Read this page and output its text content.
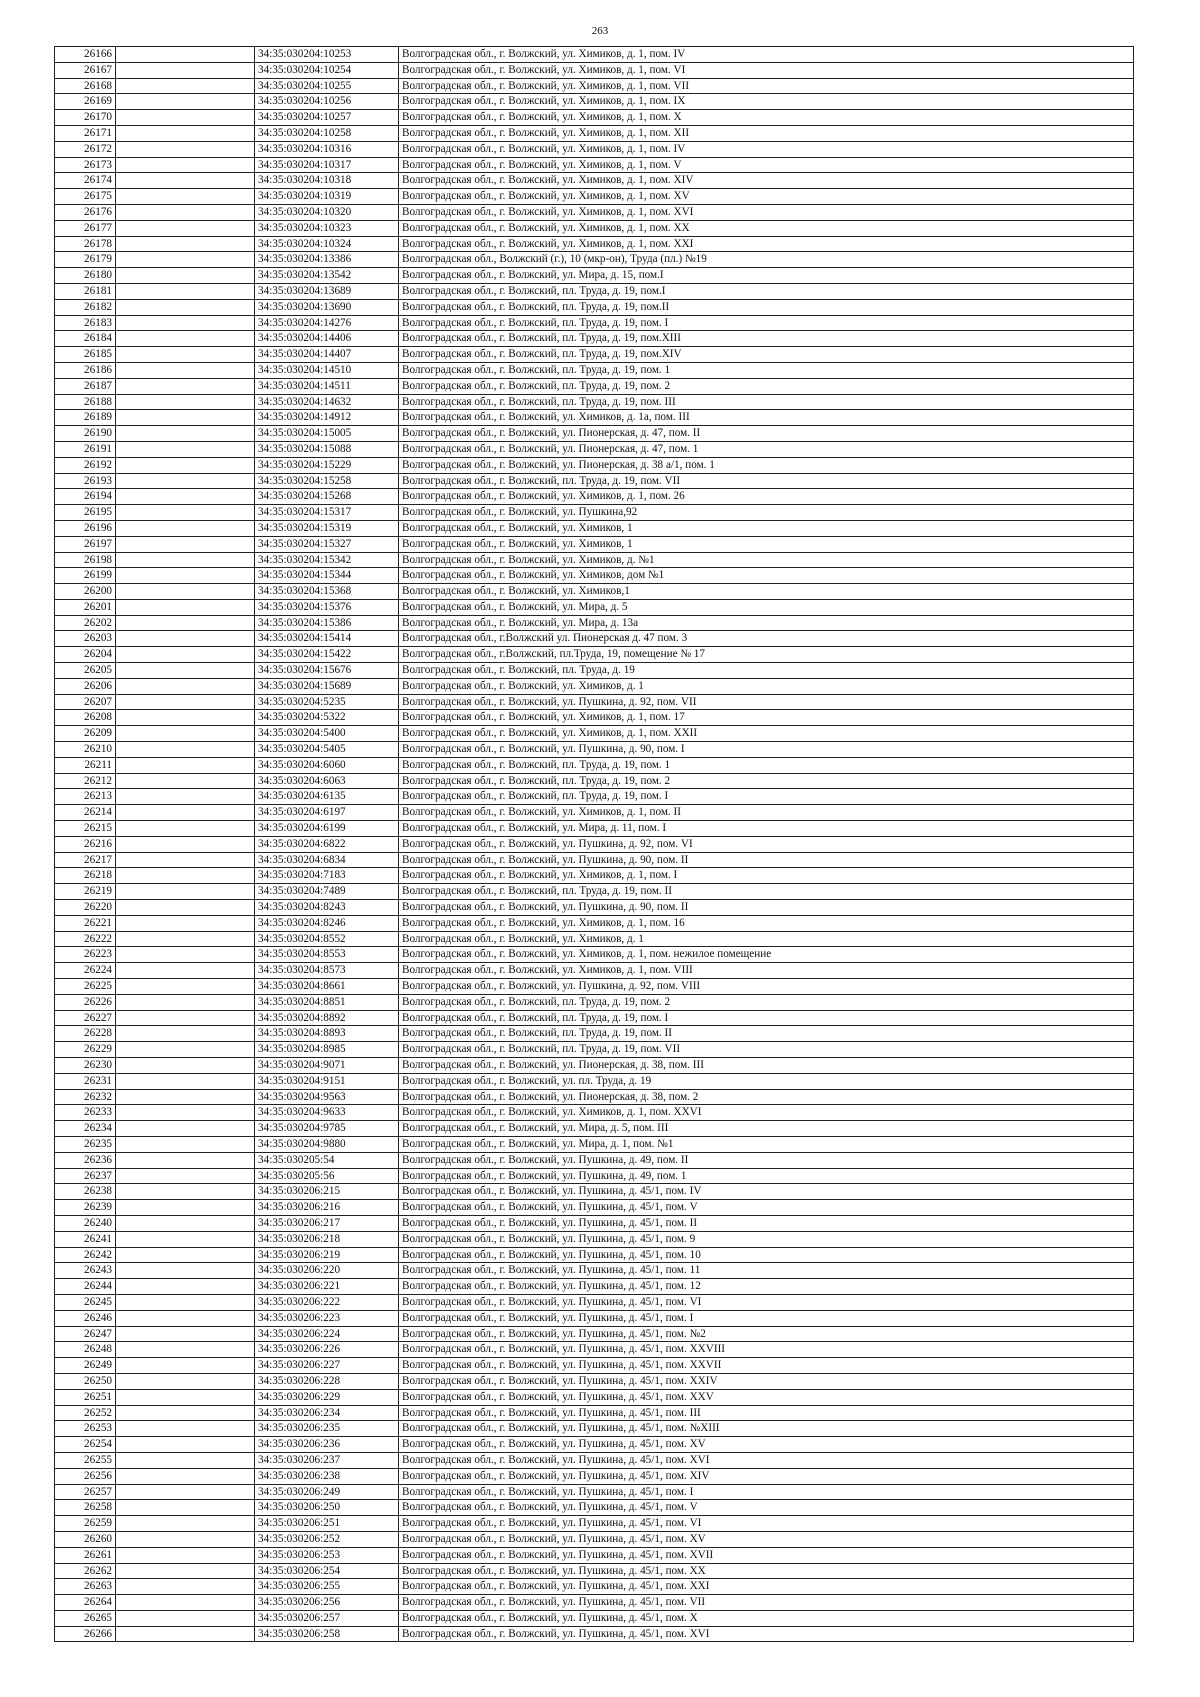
263
26166		34:35:030204:10253	Волгоградская обл., г. Волжский, ул. Химиков, д. 1, пом. IV
26167		34:35:030204:10254	Волгоградская обл., г. Волжский, ул. Химиков, д. 1, пом. VI
26168		34:35:030204:10255	Волгоградская обл., г. Волжский, ул. Химиков, д. 1, пом. VII
26169		34:35:030204:10256	Волгоградская обл., г. Волжский, ул. Химиков, д. 1, пом. IX
26170		34:35:030204:10257	Волгоградская обл., г. Волжский, ул. Химиков, д. 1, пом. X
26171		34:35:030204:10258	Волгоградская обл., г. Волжский, ул. Химиков, д. 1, пом. XII
26172		34:35:030204:10316	Волгоградская обл., г. Волжский, ул. Химиков, д. 1, пом. IV
26173		34:35:030204:10317	Волгоградская обл., г. Волжский, ул. Химиков, д. 1, пом. V
26174		34:35:030204:10318	Волгоградская обл., г. Волжский, ул. Химиков, д. 1, пом. XIV
26175		34:35:030204:10319	Волгоградская обл., г. Волжский, ул. Химиков, д. 1, пом. XV
26176		34:35:030204:10320	Волгоградская обл., г. Волжский, ул. Химиков, д. 1, пом. XVI
26177		34:35:030204:10323	Волгоградская обл., г. Волжский, ул. Химиков, д. 1, пом. XX
26178		34:35:030204:10324	Волгоградская обл., г. Волжский, ул. Химиков, д. 1, пом. XXI
26179		34:35:030204:13386	Волгоградская обл., Волжский (г.), 10 (мкр-он), Труда (пл.) №19
26180		34:35:030204:13542	Волгоградская обл., г. Волжский, ул. Мира, д. 15, пом.I
26181		34:35:030204:13689	Волгоградская обл., г. Волжский, пл. Труда, д. 19, пом.I
26182		34:35:030204:13690	Волгоградская обл., г. Волжский, пл. Труда, д. 19, пом.II
26183		34:35:030204:14276	Волгоградская обл., г. Волжский, пл. Труда, д. 19, пом. I
26184		34:35:030204:14406	Волгоградская обл., г. Волжский, пл. Труда, д. 19, пом.XIII
26185		34:35:030204:14407	Волгоградская обл., г. Волжский, пл. Труда, д. 19, пом.XIV
26186		34:35:030204:14510	Волгоградская обл., г. Волжский, пл. Труда, д. 19, пом. 1
26187		34:35:030204:14511	Волгоградская обл., г. Волжский, пл. Труда, д. 19, пом. 2
26188		34:35:030204:14632	Волгоградская обл., г. Волжский, пл. Труда, д. 19, пом. III
26189		34:35:030204:14912	Волгоградская обл., г. Волжский, ул. Химиков, д. 1а, пом. III
26190		34:35:030204:15005	Волгоградская обл., г. Волжский, ул. Пионерская, д. 47, пом. II
26191		34:35:030204:15088	Волгоградская обл., г. Волжский, ул. Пионерская, д. 47, пом. 1
26192		34:35:030204:15229	Волгоградская обл., г. Волжский, ул. Пионерская, д. 38 а/1, пом. 1
26193		34:35:030204:15258	Волгоградская обл., г. Волжский, пл. Труда, д. 19, пом. VII
26194		34:35:030204:15268	Волгоградская обл., г. Волжский, ул. Химиков, д. 1, пом. 26
26195		34:35:030204:15317	Волгоградская обл., г. Волжский, ул. Пушкина,92
26196		34:35:030204:15319	Волгоградская обл., г. Волжский, ул. Химиков, 1
26197		34:35:030204:15327	Волгоградская обл., г. Волжский, ул. Химиков, 1
26198		34:35:030204:15342	Волгоградская обл., г. Волжский, ул. Химиков, д. №1
26199		34:35:030204:15344	Волгоградская обл., г. Волжский, ул. Химиков, дом №1
26200		34:35:030204:15368	Волгоградская обл., г. Волжский, ул. Химиков,1
26201		34:35:030204:15376	Волгоградская обл., г. Волжский, ул. Мира, д. 5
26202		34:35:030204:15386	Волгоградская обл., г. Волжский, ул. Мира, д. 13а
26203		34:35:030204:15414	Волгоградская обл., г.Волжский ул. Пионерская д. 47 пом. 3
26204		34:35:030204:15422	Волгоградская обл., г.Волжский, пл.Труда, 19, помещение № 17
26205		34:35:030204:15676	Волгоградская обл., г. Волжский, пл. Труда, д. 19
26206		34:35:030204:15689	Волгоградская обл., г. Волжский, ул. Химиков, д. 1
26207		34:35:030204:5235	Волгоградская обл., г. Волжский, ул. Пушкина, д. 92, пом. VII
26208		34:35:030204:5322	Волгоградская обл., г. Волжский, ул. Химиков, д. 1, пом. 17
26209		34:35:030204:5400	Волгоградская обл., г. Волжский, ул. Химиков, д. 1, пом. XXII
26210		34:35:030204:5405	Волгоградская обл., г. Волжский, ул. Пушкина, д. 90, пом. I
26211		34:35:030204:6060	Волгоградская обл., г. Волжский, пл. Труда, д. 19, пом. 1
26212		34:35:030204:6063	Волгоградская обл., г. Волжский, пл. Труда, д. 19, пом. 2
26213		34:35:030204:6135	Волгоградская обл., г. Волжский, пл. Труда, д. 19, пом. I
26214		34:35:030204:6197	Волгоградская обл., г. Волжский, ул. Химиков, д. 1, пом. II
26215		34:35:030204:6199	Волгоградская обл., г. Волжский, ул. Мира, д. 11, пом. I
26216		34:35:030204:6822	Волгоградская обл., г. Волжский, ул. Пушкина, д. 92, пом. VI
26217		34:35:030204:6834	Волгоградская обл., г. Волжский, ул. Пушкина, д. 90, пом. II
26218		34:35:030204:7183	Волгоградская обл., г. Волжский, ул. Химиков, д. 1, пом. I
26219		34:35:030204:7489	Волгоградская обл., г. Волжский, пл. Труда, д. 19, пом. II
26220		34:35:030204:8243	Волгоградская обл., г. Волжский, ул. Пушкина, д. 90, пом. II
26221		34:35:030204:8246	Волгоградская обл., г. Волжский, ул. Химиков, д. 1, пом. 16
26222		34:35:030204:8552	Волгоградская обл., г. Волжский, ул. Химиков, д. 1
26223		34:35:030204:8553	Волгоградская обл., г. Волжский, ул. Химиков, д. 1, пом. нежилое помещение
26224		34:35:030204:8573	Волгоградская обл., г. Волжский, ул. Химиков, д. 1, пом. VIII
26225		34:35:030204:8661	Волгоградская обл., г. Волжский, ул. Пушкина, д. 92, пом. VIII
26226		34:35:030204:8851	Волгоградская обл., г. Волжский, пл. Труда, д. 19, пом. 2
26227		34:35:030204:8892	Волгоградская обл., г. Волжский, пл. Труда, д. 19, пом. I
26228		34:35:030204:8893	Волгоградская обл., г. Волжский, пл. Труда, д. 19, пом. II
26229		34:35:030204:8985	Волгоградская обл., г. Волжский, пл. Труда, д. 19, пом. VII
26230		34:35:030204:9071	Волгоградская обл., г. Волжский, ул. Пионерская, д. 38, пом. III
26231		34:35:030204:9151	Волгоградская обл., г. Волжский, ул. пл. Труда, д. 19
26232		34:35:030204:9563	Волгоградская обл., г. Волжский, ул. Пионерская, д. 38, пом. 2
26233		34:35:030204:9633	Волгоградская обл., г. Волжский, ул. Химиков, д. 1, пом. XXVI
26234		34:35:030204:9785	Волгоградская обл., г. Волжский, ул. Мира, д. 5, пом. III
26235		34:35:030204:9880	Волгоградская обл., г. Волжский, ул. Мира, д. 1, пом. №1
26236		34:35:030205:54	Волгоградская обл., г. Волжский, ул. Пушкина, д. 49, пом. II
26237		34:35:030205:56	Волгоградская обл., г. Волжский, ул. Пушкина, д. 49, пом. 1
26238		34:35:030206:215	Волгоградская обл., г. Волжский, ул. Пушкина, д. 45/1, пом. IV
26239		34:35:030206:216	Волгоградская обл., г. Волжский, ул. Пушкина, д. 45/1, пом. V
26240		34:35:030206:217	Волгоградская обл., г. Волжский, ул. Пушкина, д. 45/1, пом. II
26241		34:35:030206:218	Волгоградская обл., г. Волжский, ул. Пушкина, д. 45/1, пом. 9
26242		34:35:030206:219	Волгоградская обл., г. Волжский, ул. Пушкина, д. 45/1, пом. 10
26243		34:35:030206:220	Волгоградская обл., г. Волжский, ул. Пушкина, д. 45/1, пом. 11
26244		34:35:030206:221	Волгоградская обл., г. Волжский, ул. Пушкина, д. 45/1, пом. 12
26245		34:35:030206:222	Волгоградская обл., г. Волжский, ул. Пушкина, д. 45/1, пом. VI
26246		34:35:030206:223	Волгоградская обл., г. Волжский, ул. Пушкина, д. 45/1, пом. I
26247		34:35:030206:224	Волгоградская обл., г. Волжский, ул. Пушкина, д. 45/1, пом. №2
26248		34:35:030206:226	Волгоградская обл., г. Волжский, ул. Пушкина, д. 45/1, пом. XXVIII
26249		34:35:030206:227	Волгоградская обл., г. Волжский, ул. Пушкина, д. 45/1, пом. XXVII
26250		34:35:030206:228	Волгоградская обл., г. Волжский, ул. Пушкина, д. 45/1, пом. XXIV
26251		34:35:030206:229	Волгоградская обл., г. Волжский, ул. Пушкина, д. 45/1, пом. XXV
26252		34:35:030206:234	Волгоградская обл., г. Волжский, ул. Пушкина, д. 45/1, пом. III
26253		34:35:030206:235	Волгоградская обл., г. Волжский, ул. Пушкина, д. 45/1, пом. №XIII
26254		34:35:030206:236	Волгоградская обл., г. Волжский, ул. Пушкина, д. 45/1, пом. XV
26255		34:35:030206:237	Волгоградская обл., г. Волжский, ул. Пушкина, д. 45/1, пом. XVI
26256		34:35:030206:238	Волгоградская обл., г. Волжский, ул. Пушкина, д. 45/1, пом. XIV
26257		34:35:030206:249	Волгоградская обл., г. Волжский, ул. Пушкина, д. 45/1, пом. I
26258		34:35:030206:250	Волгоградская обл., г. Волжский, ул. Пушкина, д. 45/1, пом. V
26259		34:35:030206:251	Волгоградская обл., г. Волжский, ул. Пушкина, д. 45/1, пом. VI
26260		34:35:030206:252	Волгоградская обл., г. Волжский, ул. Пушкина, д. 45/1, пом. XV
26261		34:35:030206:253	Волгоградская обл., г. Волжский, ул. Пушкина, д. 45/1, пом. XVII
26262		34:35:030206:254	Волгоградская обл., г. Волжский, ул. Пушкина, д. 45/1, пом. XX
26263		34:35:030206:255	Волгоградская обл., г. Волжский, ул. Пушкина, д. 45/1, пом. XXI
26264		34:35:030206:256	Волгоградская обл., г. Волжский, ул. Пушкина, д. 45/1, пом. VII
26265		34:35:030206:257	Волгоградская обл., г. Волжский, ул. Пушкина, д. 45/1, пом. X
26266		34:35:030206:258	Волгоградская обл., г. Волжский, ул. Пушкина, д. 45/1, пом. XVI
